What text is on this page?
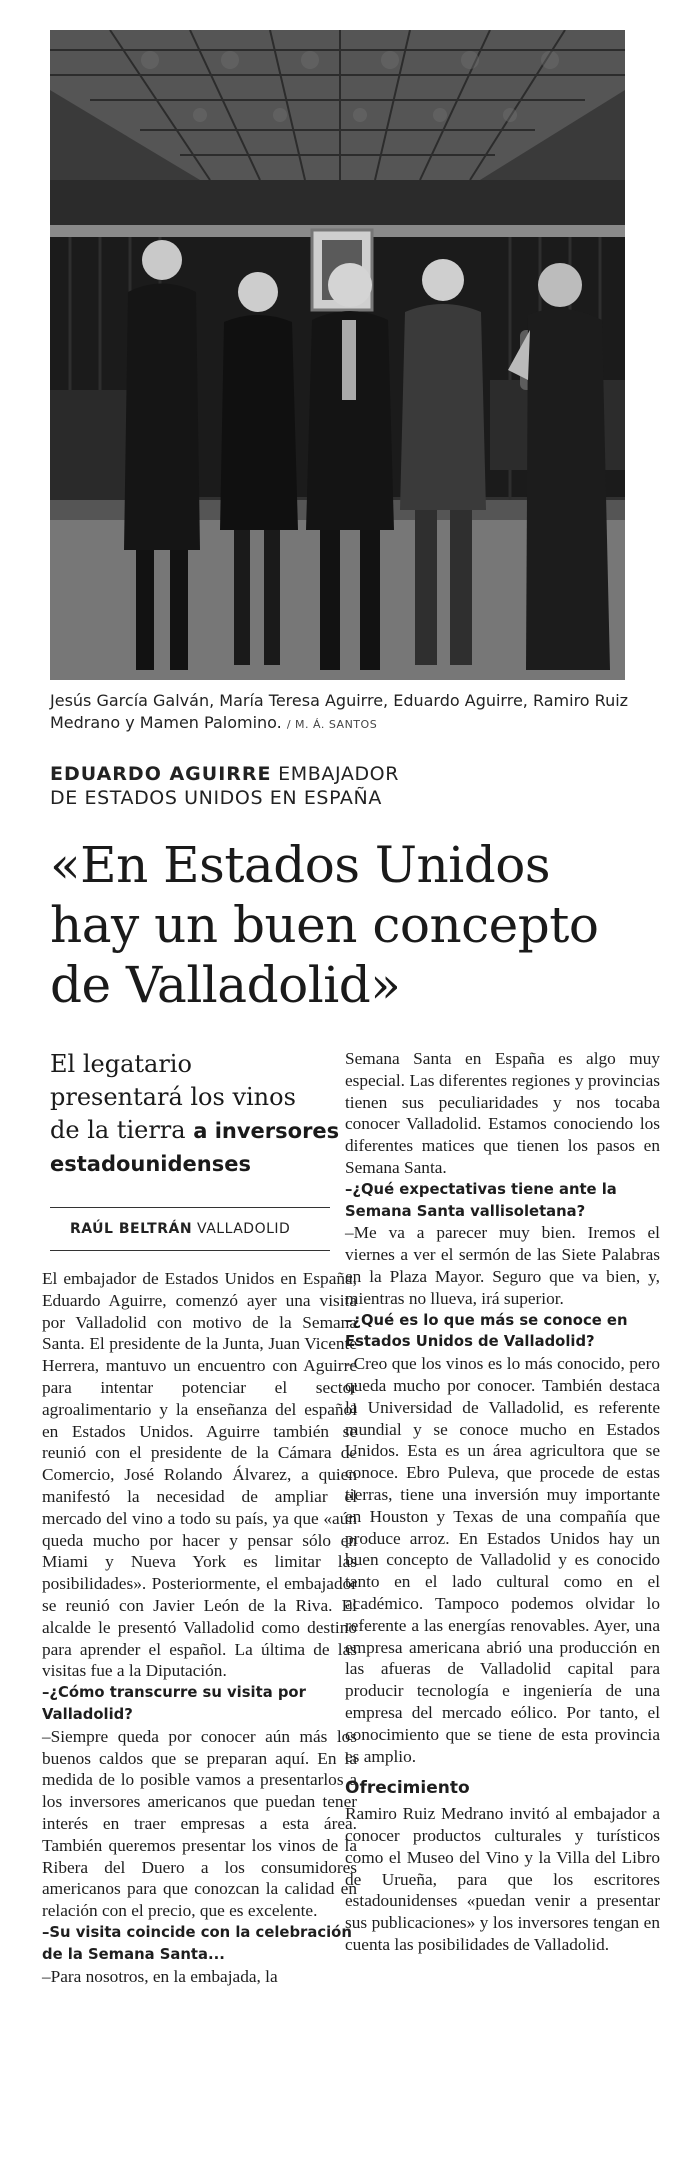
Jesús García Galván, María Teresa Aguirre, Eduardo Aguirre, Ramiro Ruiz Medrano y Mamen Palomino. / M. Á. SANTOS
EDUARDO AGUIRRE EMBAJADOR
DE ESTADOS UNIDOS EN ESPAÑA
«En Estados Unidos
hay un buen concepto
de Valladolid»
El legatario
presentará los vinos
de la tierra a inversores
estadounidenses
RAÚL BELTRÁN VALLADOLID

El embajador de Estados Unidos en España, Eduardo Aguirre, comenzó ayer una visita por Valladolid con motivo de la Semana Santa. El presidente de la Junta, Juan Vicente Herrera, mantuvo un encuentro con Aguirre para intentar potenciar el sector agroalimentario y la enseñanza del español en Estados Unidos. Aguirre también se reunió con el presidente de la Cámara de Comercio, José Rolando Álvarez, a quien manifestó la necesidad de ampliar el mercado del vino a todo su país, ya que «aún queda mucho por hacer y pensar sólo en Miami y Nueva York es limitar las posibilidades». Posteriormente, el embajador se reunió con Javier León de la Riva. El alcalde le presentó Valladolid como destino para aprender el español. La última de las visitas fue a la Diputación.

–¿Cómo transcurre su visita por Valladolid?

–Siempre queda por conocer aún más los buenos caldos que se preparan aquí. En la medida de lo posible vamos a presentarlos a los inversores americanos que puedan tener interés en traer empresas a esta área. También queremos presentar los vinos de la Ribera del Duero a los consumidores americanos para que conozcan la calidad en relación con el precio, que es excelente.

–Su visita coincide con la celebración de la Semana Santa...

–Para nosotros, en la embajada, la

Semana Santa en España es algo muy especial. Las diferentes regiones y provincias tienen sus peculiaridades y nos tocaba conocer Valladolid. Estamos conociendo los diferentes matices que tienen los pasos en Semana Santa.

–¿Qué expectativas tiene ante la Semana Santa vallisoletana?

–Me va a parecer muy bien. Iremos el viernes a ver el sermón de las Siete Palabras en la Plaza Mayor. Seguro que va bien, y, mientras no llueva, irá superior.

–¿Qué es lo que más se conoce en Estados Unidos de Valladolid?

–Creo que los vinos es lo más conocido, pero queda mucho por conocer. También destaca la Universidad de Valladolid, es referente mundial y se conoce mucho en Estados Unidos. Esta es un área agricultora que se conoce. Ebro Puleva, que procede de estas tierras, tiene una inversión muy importante en Houston y Texas de una compañía que produce arroz. En Estados Unidos hay un buen concepto de Valladolid y es conocido tanto en el lado cultural como en el académico. Tampoco podemos olvidar lo referente a las energías renovables. Ayer, una empresa americana abrió una producción en las afueras de Valladolid capital para producir tecnología e ingeniería de una empresa del mercado eólico. Por tanto, el conocimiento que se tiene de esta provincia es amplio.

Ofrecimiento

Ramiro Ruiz Medrano invitó al embajador a conocer productos culturales y turísticos como el Museo del Vino y la Villa del Libro de Urueña, para que los escritores estadounidenses «puedan venir a presentar sus publicaciones» y los inversores tengan en cuenta las posibilidades de Valladolid.
